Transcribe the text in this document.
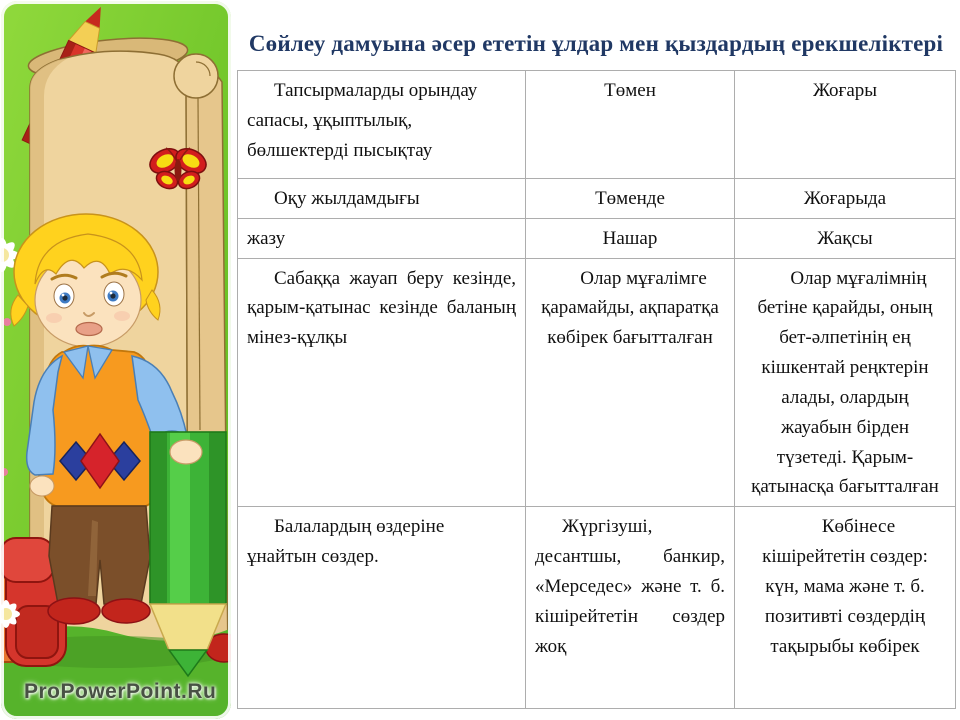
ProPowerPoint.Ru
Сөйлеу дамуына әсер ететін ұлдар мен қыздардың ерекшеліктері
Тапсырмаларды орындау сапасы, ұқыптылық, бөлшектерді пысықтау	Төмен	Жоғары
Оқу жылдамдығы	Төменде	Жоғарыда
жазу	Нашар	Жақсы
Сабаққа жауап беру кезінде, қарым-қатынас кезінде баланың мінез-құлқы	Олар мұғалімге қарамайды, ақпаратқа көбірек бағытталған	Олар мұғалімнің бетіне қарайды, оның бет-әлпетінің ең кішкентай реңктерін алады, олардың жауабын бірден түзетеді. Қарым-қатынасқа бағытталған
Балалардың өздеріне ұнайтын сөздер.	Жүргізуші, десантшы, банкир, «Мерседес» және т. б. кішірейтетін сөздер жоқ	Көбінесе кішірейтетін сөздер: күн, мама және т. б. позитивті сөздердің тақырыбы көбірек
